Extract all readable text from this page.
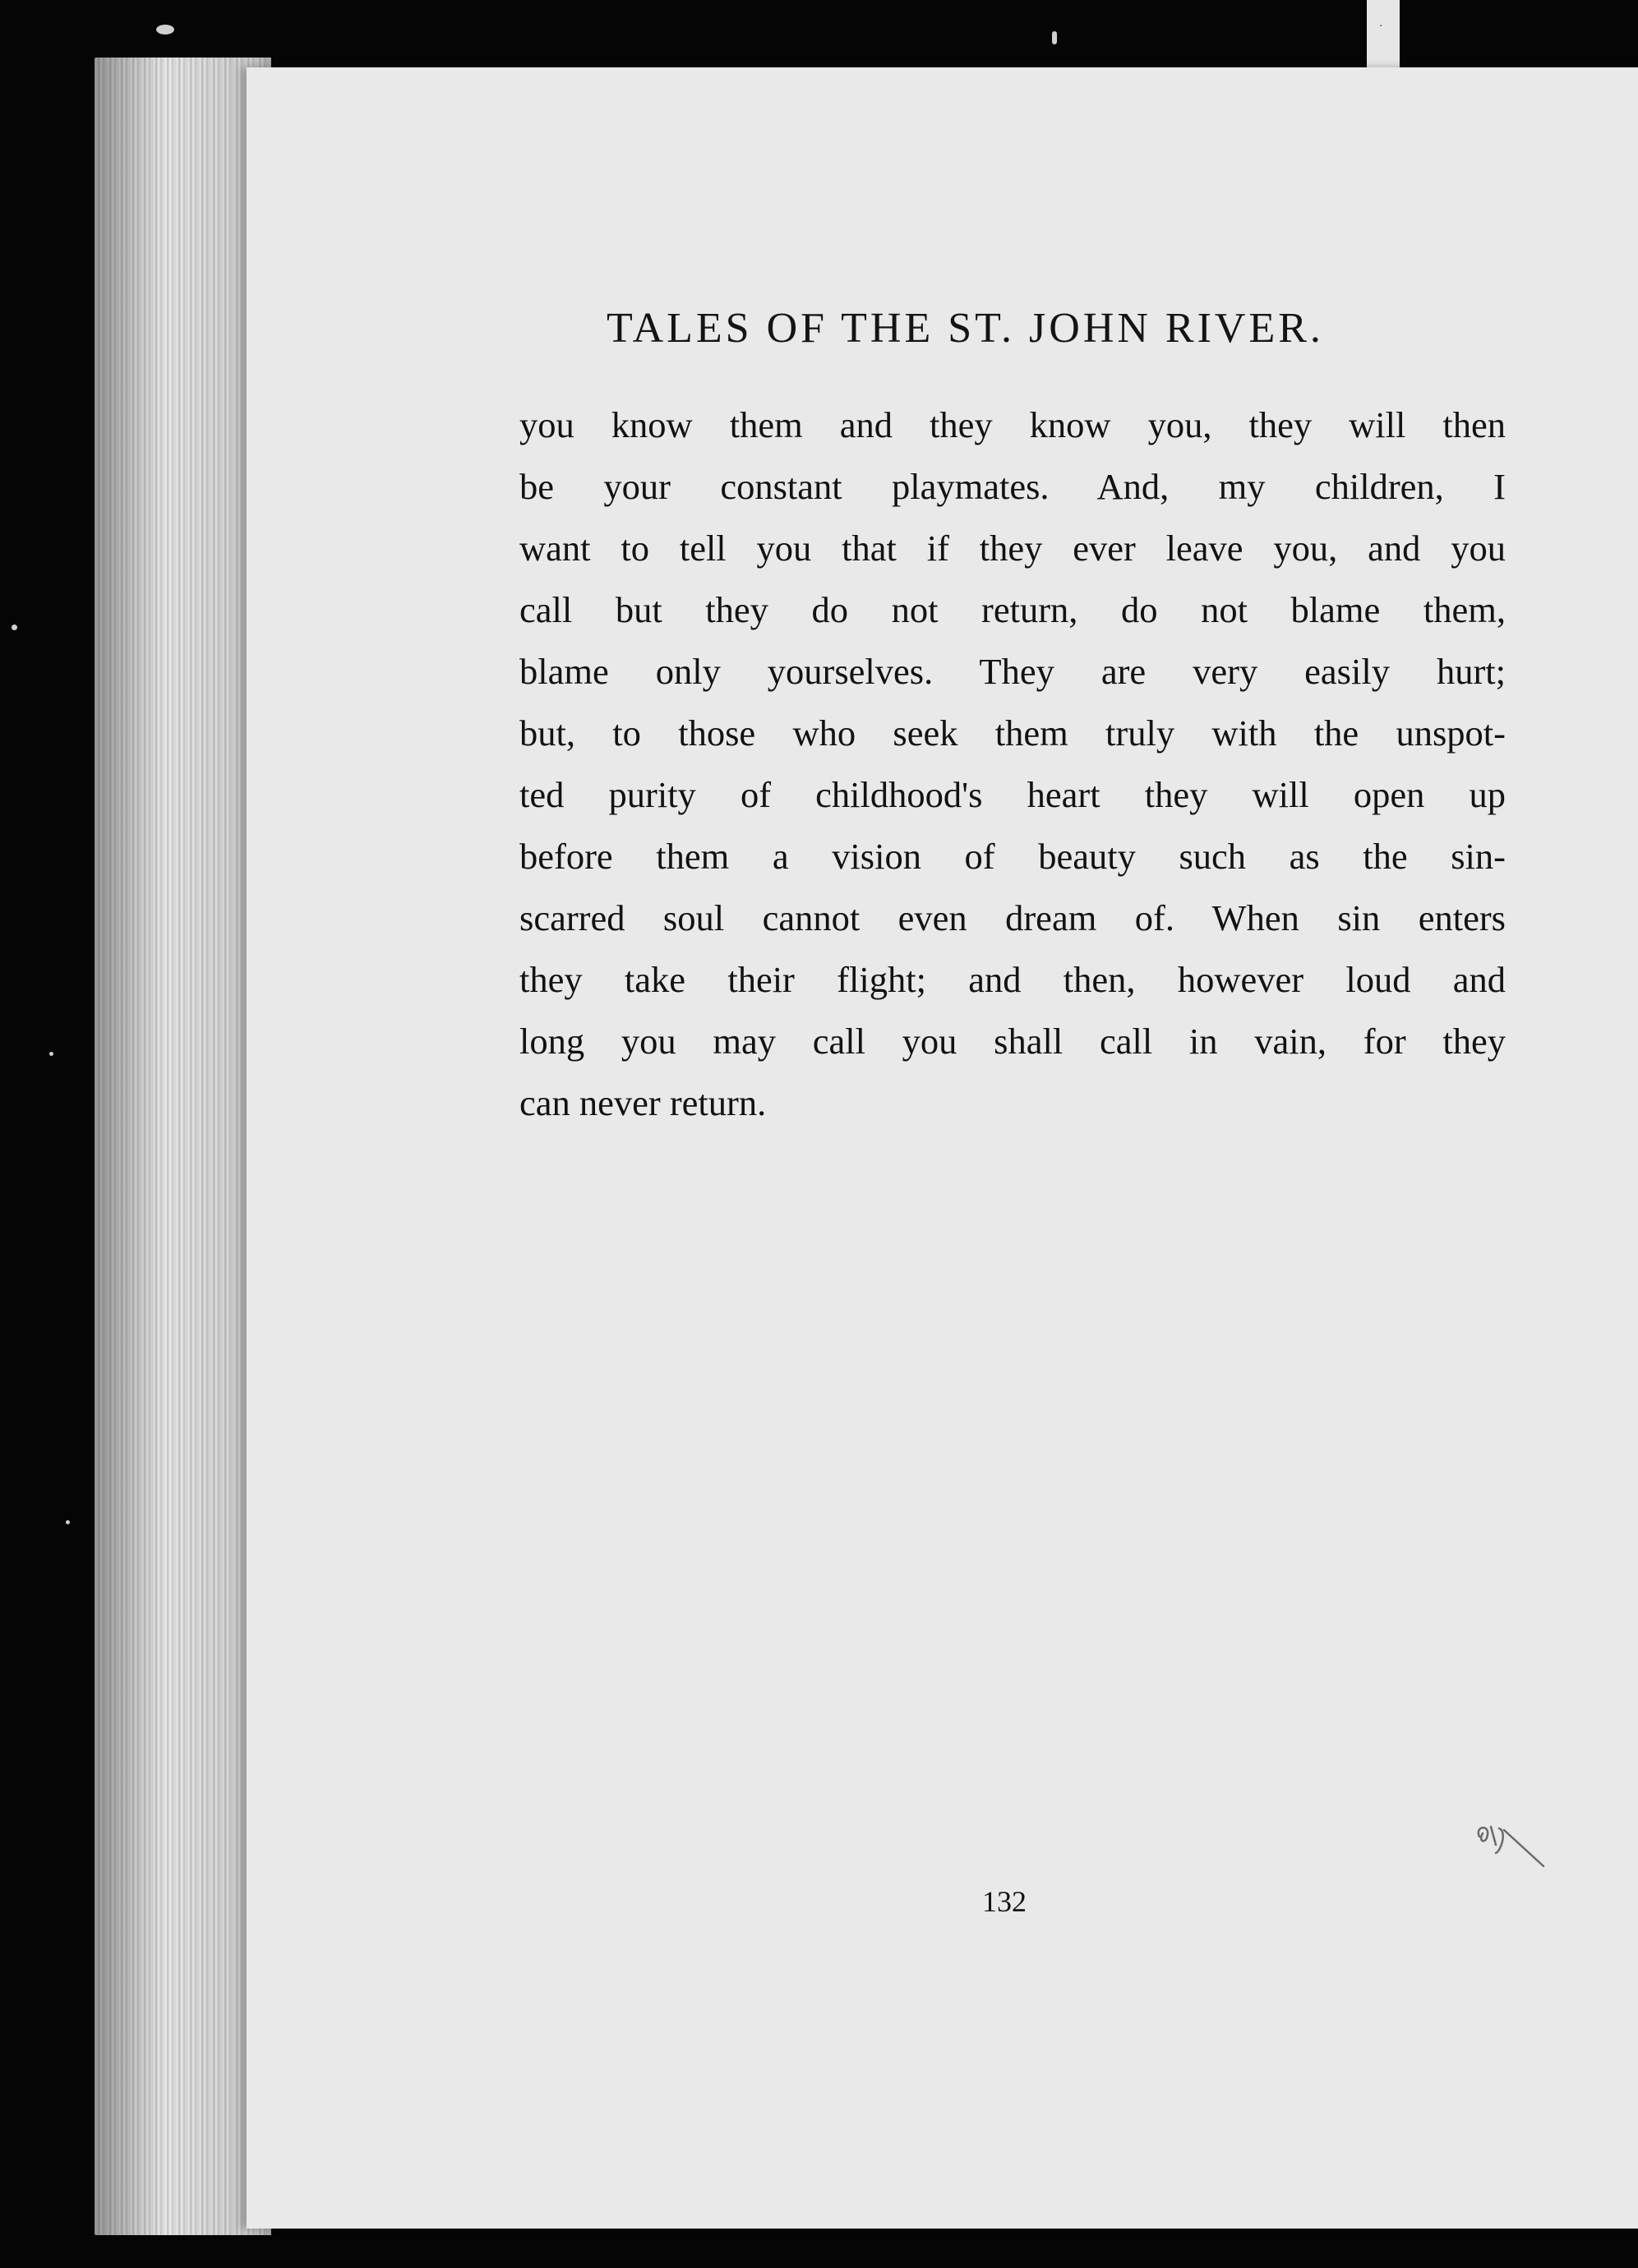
·
TALES OF THE ST. JOHN RIVER.
you know them and they know you, they will then
be your constant playmates. And, my children, I
want to tell you that if they ever leave you, and you
call but they do not return, do not blame them,
blame only yourselves. They are very easily hurt;
but, to those who seek them truly with the unspot-
ted purity of childhood's heart they will open up
before them a vision of beauty such as the sin-
scarred soul cannot even dream of. When sin enters
they take their flight; and then, however loud and
long you may call you shall call in vain, for they
can never return.
132
